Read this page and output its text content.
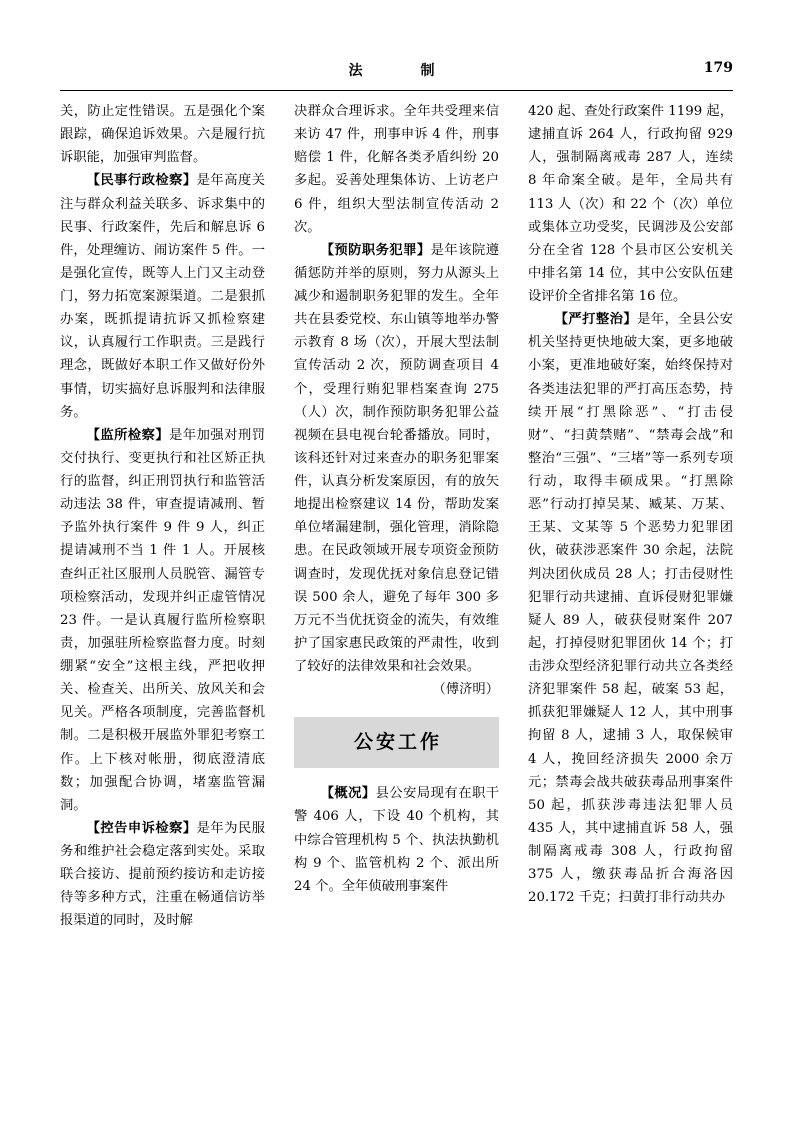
法　　制	179

关，防止定性错误。五是强化个案跟踪，确保追诉效果。六是履行抗诉职能，加强审判监督。

【民事行政检察】是年高度关注与群众利益关联多、诉求集中的民事、行政案件，先后和解息诉 6 件，处理缠访、闹访案件 5 件。一是强化宣传，既等人上门又主动登门，努力拓宽案源渠道。二是狠抓办案，既抓提请抗诉又抓检察建议，认真履行工作职责。三是践行理念，既做好本职工作又做好份外事情，切实搞好息诉服判和法律服务。

【监所检察】是年加强对刑罚交付执行、变更执行和社区矫正执行的监督，纠正刑罚执行和监管活动违法 38 件，审查提请减刑、暂予监外执行案件 9 件 9 人，纠正提请减刑不当 1 件 1 人。开展核查纠正社区服刑人员脱管、漏管专项检察活动，发现并纠正虚管情况 23 件。一是认真履行监所检察职责，加强驻所检察监督力度。时刻绷紧“安全”这根主线，严把收押关、检查关、出所关、放风关和会见关。严格各项制度，完善监督机制。二是积极开展监外罪犯考察工作。上下核对帐册，彻底澄清底数；加强配合协调，堵塞监管漏洞。

【控告申诉检察】是年为民服务和维护社会稳定落到实处。采取联合接访、提前预约接访和走访接待等多种方式，注重在畅通信访举报渠道的同时，及时解

决群众合理诉求。全年共受理来信来访 47 件，刑事申诉 4 件，刑事赔偿 1 件，化解各类矛盾纠纷 20 多起。妥善处理集体访、上访老户 6 件，组织大型法制宣传活动 2 次。

【预防职务犯罪】是年该院遵循惩防并举的原则，努力从源头上减少和遏制职务犯罪的发生。全年共在县委党校、东山镇等地举办警示教育 8 场（次），开展大型法制宣传活动 2 次，预防调查项目 4 个，受理行贿犯罪档案查询 275（人）次，制作预防职务犯罪公益视频在县电视台轮番播放。同时，该科还针对过来查办的职务犯罪案件，认真分析发案原因，有的放矢地提出检察建议 14 份，帮助发案单位堵漏建制，强化管理，消除隐患。在民政领域开展专项资金预防调查时，发现优抚对象信息登记错误 500 余人，避免了每年 300 多万元不当优抚资金的流失，有效维护了国家惠民政策的严肃性，收到了较好的法律效果和社会效果。

（傅济明）

公安工作

【概况】县公安局现有在职干警 406 人，下设 40 个机构，其中综合管理机构 5 个、执法执勤机构 9 个、监管机构 2 个、派出所 24 个。全年侦破刑事案件

420 起、查处行政案件 1199 起，逮捕直诉 264 人，行政拘留 929 人，强制隔离戒毒 287 人，连续 8 年命案全破。是年，全局共有 113 人（次）和 22 个（次）单位或集体立功受奖，民调涉及公安部分在全省 128 个县市区公安机关中排名第 14 位，其中公安队伍建设评价全省排名第 16 位。

【严打整治】是年，全县公安机关坚持更快地破大案，更多地破小案，更准地破好案，始终保持对各类违法犯罪的严打高压态势，持续开展“打黑除恶”、“打击侵财”、“扫黄禁赌”、“禁毒会战”和整治“三强”、“三堵”等一系列专项行动，取得丰硕成果。“打黑除恶”行动打掉吴某、臧某、万某、王某、文某等 5 个恶势力犯罪团伙，破获涉恶案件 30 余起，法院判决团伙成员 28 人；打击侵财性犯罪行动共逮捕、直诉侵财犯罪嫌疑人 89 人，破获侵财案件 207 起，打掉侵财犯罪团伙 14 个；打击涉众型经济犯罪行动共立各类经济犯罪案件 58 起，破案 53 起，抓获犯罪嫌疑人 12 人，其中刑事拘留 8 人，逮捕 3 人，取保候审 4 人，挽回经济损失 2000 余万元；禁毒会战共破获毒品刑事案件 50 起，抓获涉毒违法犯罪人员 435 人，其中逮捕直诉 58 人，强制隔离戒毒 308 人，行政拘留 375 人，缴获毒品折合海洛因 20.172 千克；扫黄打非行动共办
